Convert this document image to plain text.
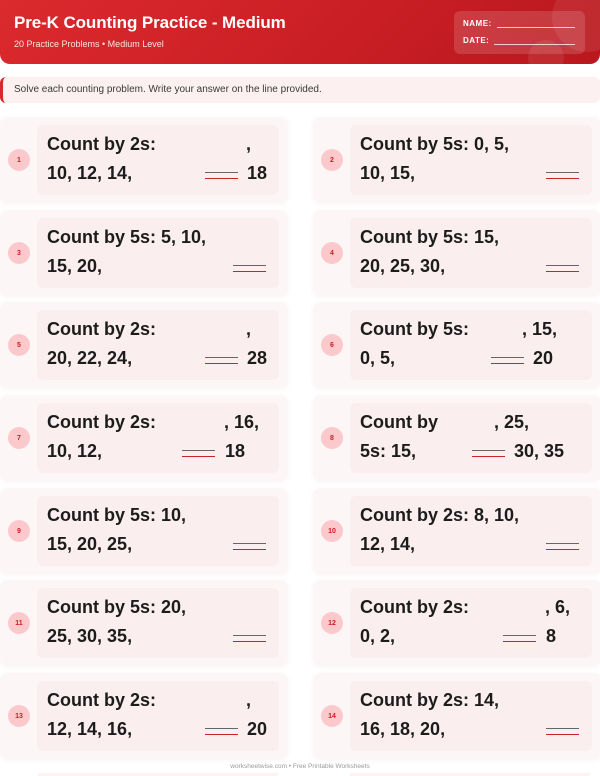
Pre-K Counting Practice - Medium
20 Practice Problems • Medium Level
NAME:
DATE:
Solve each counting problem. Write your answer on the line provided.
1
Count by 2s:	,
10, 12, 14,	18
2
Count by 5s: 0, 5,
10, 15,
3
Count by 5s: 5, 10,
15, 20,
4
Count by 5s: 15,
20, 25, 30,
5
Count by 2s:	,
20, 22, 24,	28
6
Count by 5s:	, 15,
0, 5,	20
7
Count by 2s:	, 16,
10, 12,	18
8
Count by	, 25,
5s: 15,	30, 35
9
Count by 5s: 10,
15, 20, 25,
10
Count by 2s: 8, 10,
12, 14,
11
Count by 5s: 20,
25, 30, 35,
12
Count by 2s:	, 6,
0, 2,	8
13
Count by 2s:	,
12, 14, 16,	20
14
Count by 2s: 14,
16, 18, 20,
worksheetwise.com • Free Printable Worksheets
